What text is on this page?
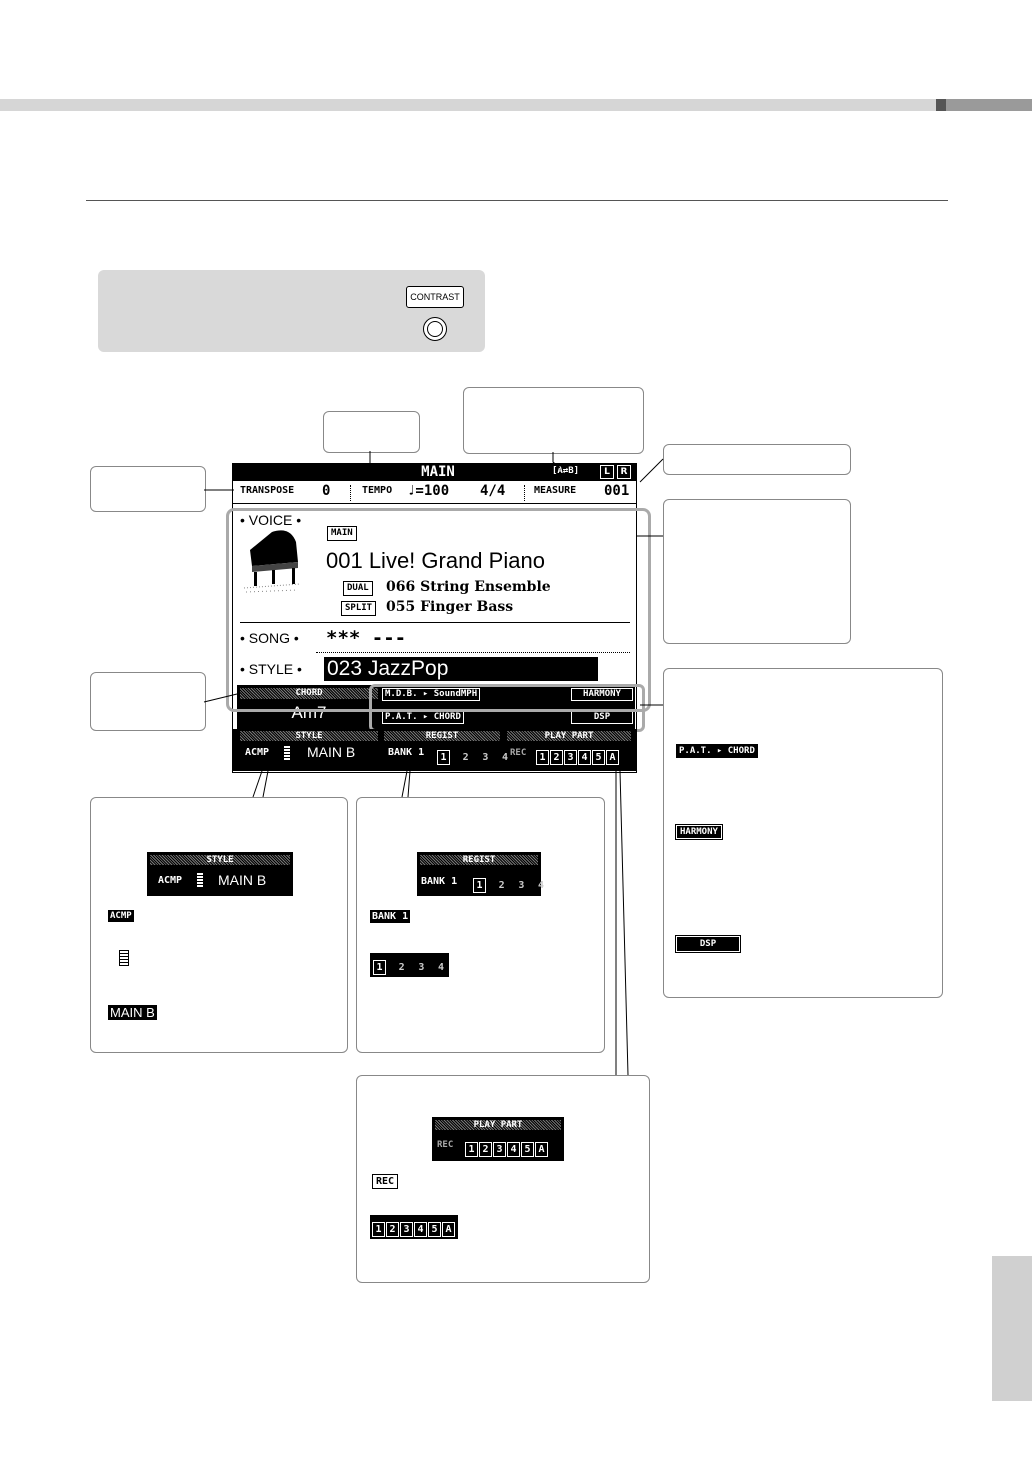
CONTRAST
MAIN	[A⇄B]	L	R
TRANSPOSE 0	TEMPO ♩=100 4/4	MEASURE 001
• VOICE •
MAIN
001 Live! Grand Piano
DUAL 066 String Ensemble
SPLIT 055 Finger Bass
• SONG • *** ---
• STYLE • 023 JazzPop
CHORD
Am7
M.D.B. ▸ SoundMPH
P.A.T. ▸ CHORD
HARMONY
DSP
STYLE
ACMP	MAIN B
REGIST
BANK 1	1 2 3 4
PLAY PART
REC	1 2 3 4 5 A
P.A.T. ▸ CHORD
HARMONY
DSP
STYLE
ACMP	MAIN B
ACMP
MAIN B
REGIST
BANK 1	1 2 3 4
BANK 1
1 2 3 4
PLAY PART
REC	1 2 3 4 5 A
REC
1 2 3 4 5 A
